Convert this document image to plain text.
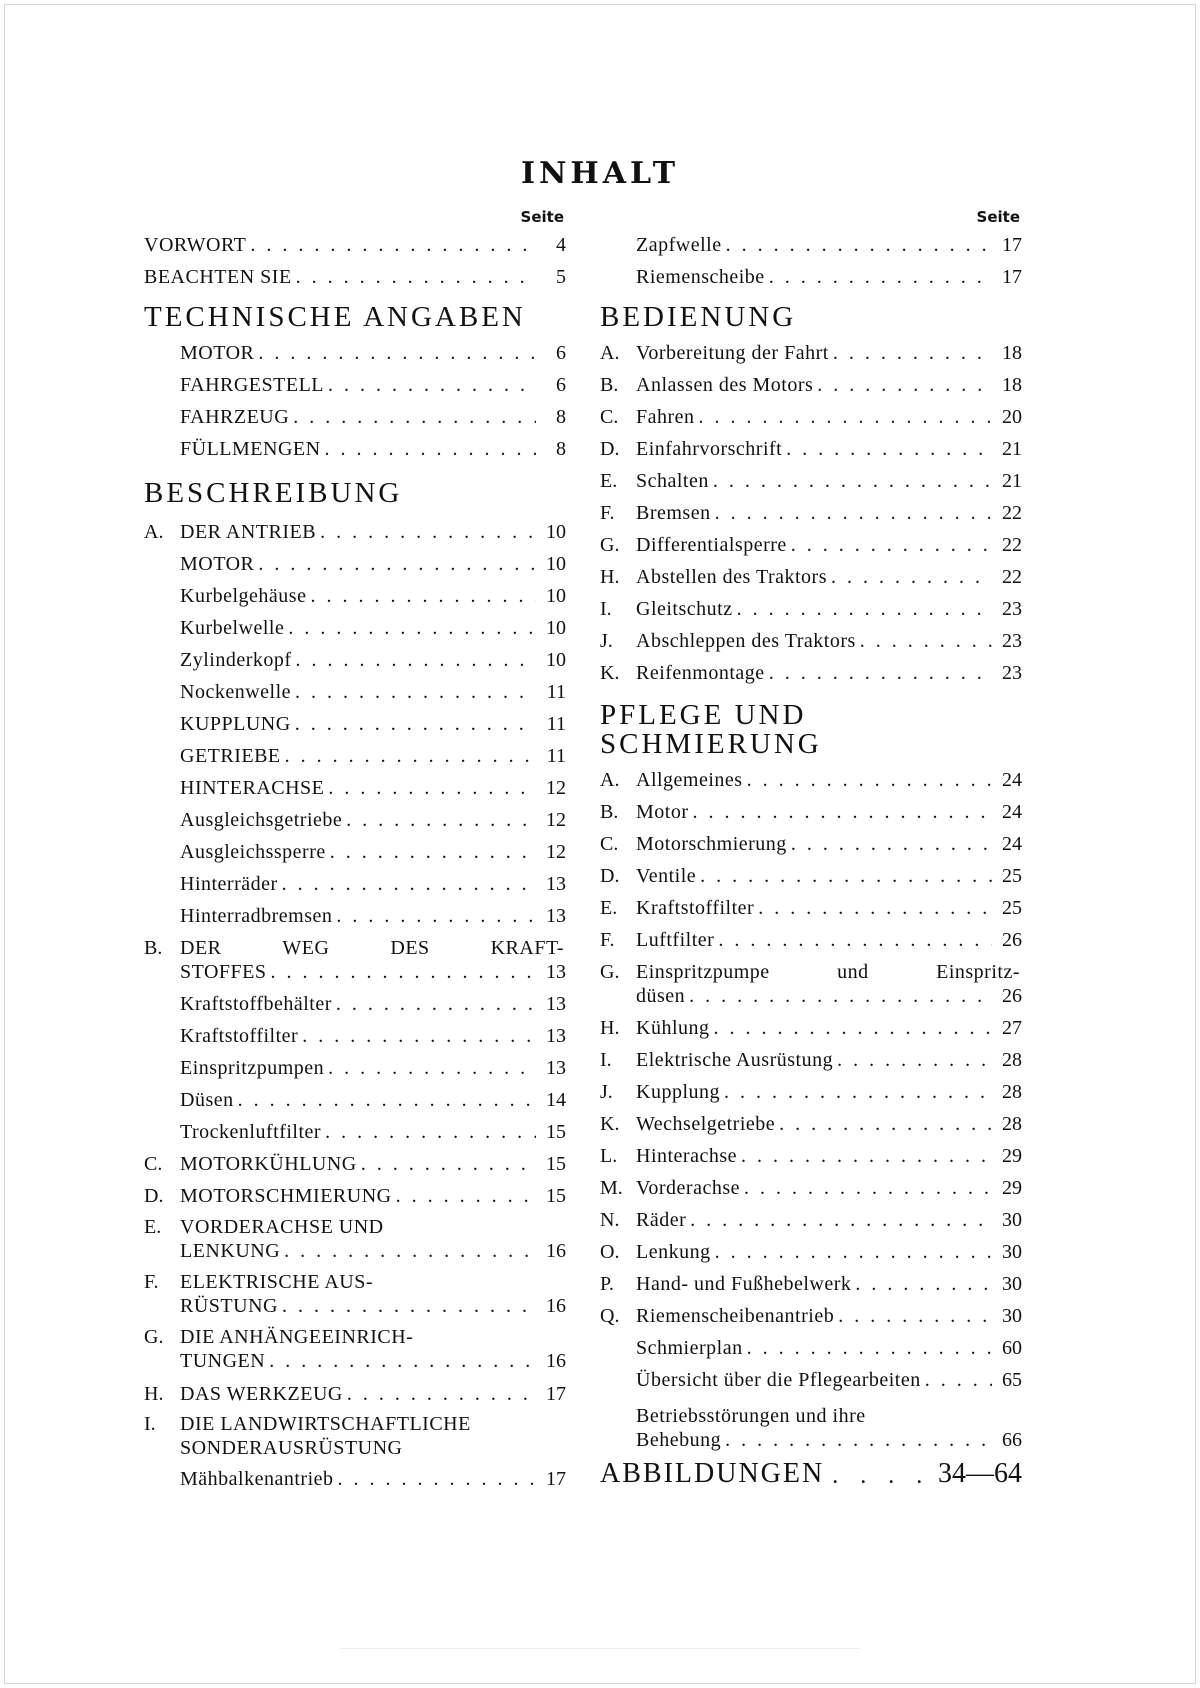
INHALT
Seite
VORWORT . . .	4
BEACHTEN SIE . . .	5
TECHNISCHE ANGABEN
MOTOR . . .	6
FAHRGESTELL . . .	6
FAHRZEUG . . .	8
FÜLLMENGEN . . .	8
BESCHREIBUNG
A. DER ANTRIEB . . .	10
MOTOR . . .	10
Kurbelgehäuse . . .	10
Kurbelwelle . . .	10
Zylinderkopf . . .	10
Nockenwelle . . .	11
KUPPLUNG . . .	11
GETRIEBE . . .	11
HINTERACHSE . . .	12
Ausgleichsgetriebe . . .	12
Ausgleichssperre . . .	12
Hinterräder . . .	13
Hinterradbremsen . . .	13
B. DER	WEG	DES	KRAFT-
STOFFES . . .	13
Kraftstoffbehälter . . .	13
Kraftstoffilter . . .	13
Einspritzpumpen . . .	13
Düsen . . .	14
Trockenluftfilter . . .	15
C. MOTORKÜHLUNG . . .	15
D. MOTORSCHMIERUNG . . .	15
E. VORDERACHSE UND
LENKUNG . . .	16
F. ELEKTRISCHE AUS-
RÜSTUNG . . .	16
G. DIE ANHÄNGEEINRICH-
TUNGEN . . .	16
H. DAS WERKZEUG . . .	17
I. DIE LANDWIRTSCHAFTLICHE
SONDERAUSRÜSTUNG
Mähbalkenantrieb . . .	17
Seite
Zapfwelle . . .	17
Riemenscheibe . . .	17
BEDIENUNG
A. Vorbereitung der Fahrt . . .	18
B. Anlassen des Motors . . .	18
C. Fahren . . .	20
D. Einfahrvorschrift . . .	21
E. Schalten . . .	21
F. Bremsen . . .	22
G. Differentialsperre . . .	22
H. Abstellen des Traktors . . .	22
I. Gleitschutz . . .	23
J. Abschleppen des Traktors . . .	23
K. Reifenmontage . . .	23
PFLEGE UND
SCHMIERUNG
A. Allgemeines . . .	24
B. Motor . . .	24
C. Motorschmierung . . .	24
D. Ventile . . .	25
E. Kraftstoffilter . . .	25
F. Luftfilter . . .	26
G. Einspritzpumpe	und	Einspritz-
düsen . . .	26
H. Kühlung . . .	27
I. Elektrische Ausrüstung . . .	28
J. Kupplung . . .	28
K. Wechselgetriebe . . .	28
L. Hinterachse . . .	29
M. Vorderachse . . .	29
N. Räder . . .	30
O. Lenkung . . .	30
P. Hand- und Fußhebelwerk . . .	30
Q. Riemenscheibenantrieb . . .	30
Schmierplan . . .	60
Übersicht über die Pflegearbeiten . . .	65
Betriebsstörungen und ihre
Behebung . . .	66
ABBILDUNGEN . . .	34—64
